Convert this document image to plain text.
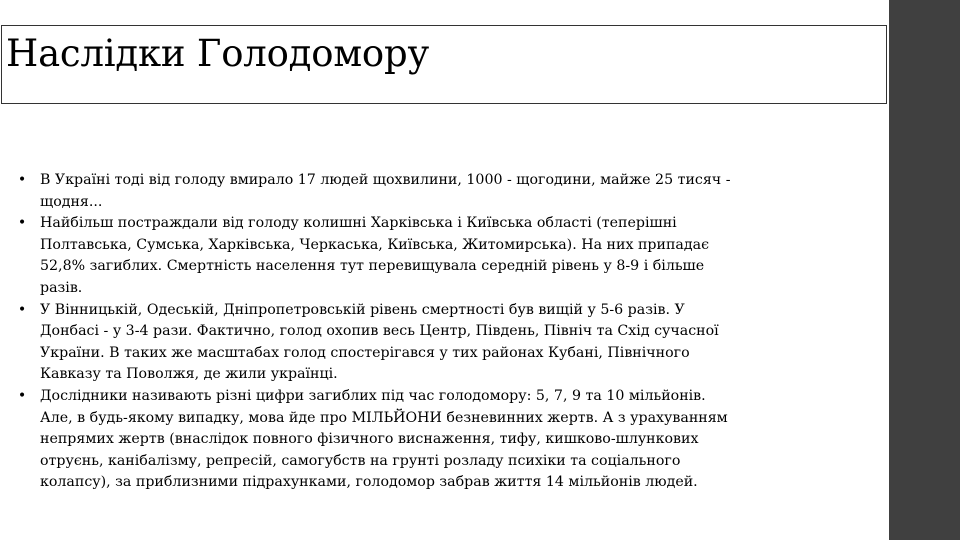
Наслідки Голодомору
• В Україні тоді від голоду вмирало 17 людей щохвилини, 1000 - щогодини, майже 25 тисяч - щодня...
• Найбільш постраждали від голоду колишні Харківська і Київська області (теперішні Полтавська, Сумська, Харківська, Черкаська, Київська, Житомирська). На них припадає 52,8% загиблих. Смертність населення тут перевищувала середній рівень у 8-9 і більше разів.
• У Вінницькій, Одеській, Дніпропетровській рівень смертності був вищій у 5-6 разів. У Донбасі - у 3-4 рази. Фактично, голод охопив весь Центр, Південь, Північ та Схід сучасної України. В таких же масштабах голод спостерігався у тих районах Кубані, Північного Кавказу та Поволжя, де жили українці.
• Дослідники називають різні цифри загиблих під час голодомору: 5, 7, 9 та 10 мільйонів. Але, в будь-якому випадку, мова йде про МІЛЬЙОНИ безневинних жертв. А з урахуванням непрямих жертв (внаслідок повного фізичного виснаження, тифу, кишково-шлункових отруєнь, канібалізму, репресій, самогубств на грунті розладу психіки та соціального колапсу), за приблизними підрахунками, голодомор забрав життя 14 мільйонів людей.
